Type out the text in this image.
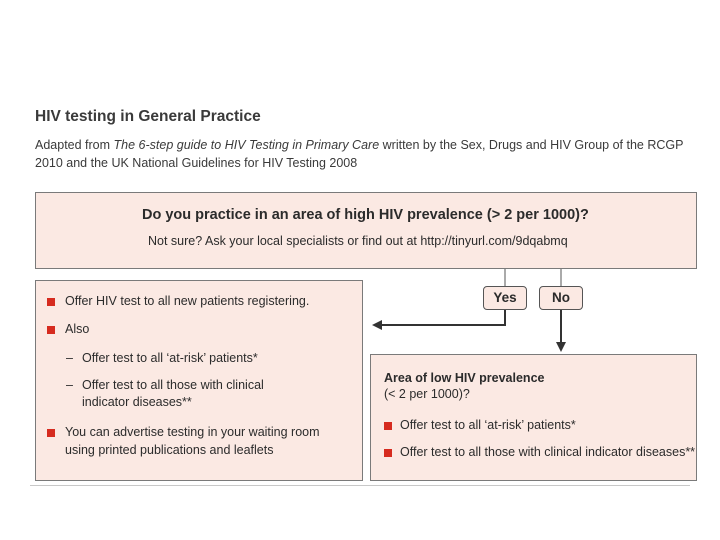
HIV testing in General Practice
Adapted from The 6-step guide to HIV Testing in Primary Care written by the Sex, Drugs and HIV Group of the RCGP 2010 and the UK National Guidelines for HIV Testing 2008
Do you practice in an area of high HIV prevalence (> 2 per 1000)?
Not sure? Ask your local specialists or find out at http://tinyurl.com/9dqabmq
Yes	No
Offer HIV test to all new patients registering.
Also
– Offer test to all ‘at-risk’ patients*
– Offer test to all those with clinical
indicator diseases**
You can advertise testing in your waiting room
using printed publications and leaflets
Area of low HIV prevalence
(< 2 per 1000)?
Offer test to all ‘at-risk’ patients*
Offer test to all those with clinical indicator diseases**
